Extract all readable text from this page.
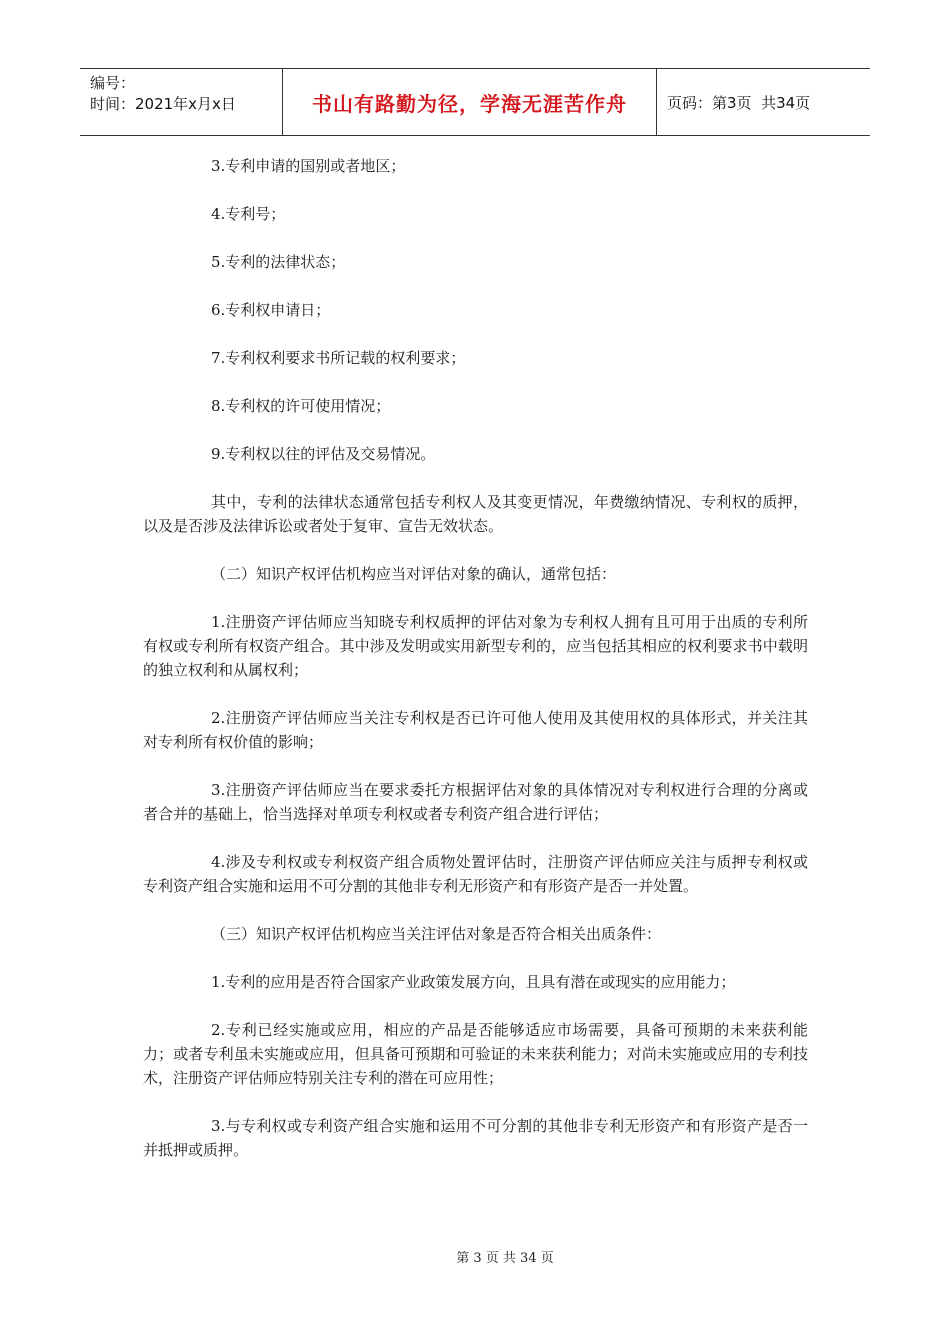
编号：
时间：2021年x月x日	书山有路勤为径，学海无涯苦作舟	页码：第3页  共34页

3.专利申请的国别或者地区；

4.专利号；

5.专利的法律状态；

6.专利权申请日；

7.专利权利要求书所记载的权利要求；

8.专利权的许可使用情况；

9.专利权以往的评估及交易情况。

其中，专利的法律状态通常包括专利权人及其变更情况，年费缴纳情况、专利权的质押，以及是否涉及法律诉讼或者处于复审、宣告无效状态。

（二）知识产权评估机构应当对评估对象的确认，通常包括：

1.注册资产评估师应当知晓专利权质押的评估对象为专利权人拥有且可用于出质的专利所有权或专利所有权资产组合。其中涉及发明或实用新型专利的，应当包括其相应的权利要求书中载明的独立权利和从属权利；

2.注册资产评估师应当关注专利权是否已许可他人使用及其使用权的具体形式，并关注其对专利所有权价值的影响；

3.注册资产评估师应当在要求委托方根据评估对象的具体情况对专利权进行合理的分离或者合并的基础上，恰当选择对单项专利权或者专利资产组合进行评估；

4.涉及专利权或专利权资产组合质物处置评估时，注册资产评估师应关注与质押专利权或专利资产组合实施和运用不可分割的其他非专利无形资产和有形资产是否一并处置。

（三）知识产权评估机构应当关注评估对象是否符合相关出质条件：

1.专利的应用是否符合国家产业政策发展方向，且具有潜在或现实的应用能力；

2.专利已经实施或应用，相应的产品是否能够适应市场需要，具备可预期的未来获利能力；或者专利虽未实施或应用，但具备可预期和可验证的未来获利能力；对尚未实施或应用的专利技术，注册资产评估师应特别关注专利的潜在可应用性；

3.与专利权或专利资产组合实施和运用不可分割的其他非专利无形资产和有形资产是否一并抵押或质押。

第 3 页 共 34 页
